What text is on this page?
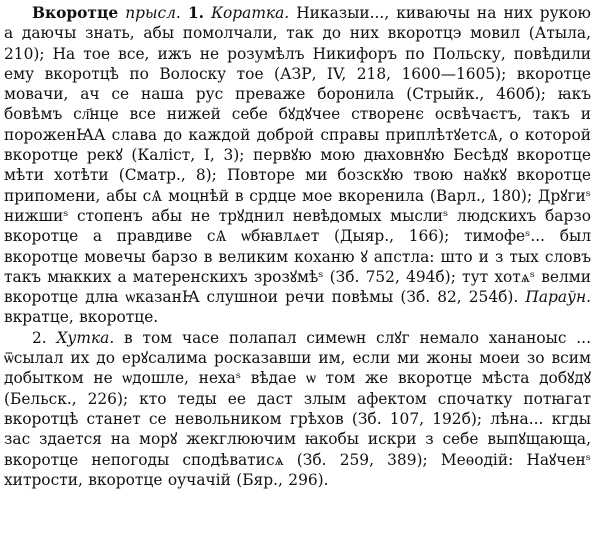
Вкоротце прысл. 1. Коратка. Никазыи..., киваючы на них рукою а даючы знать, абы помолчали, так до них вкоротцэ мовил (Атыла, 210); На тое все, ижъ не розумѣлъ Никифоръ по Польску, повѣдили ему вкоротцѣ по Волоску тое (АЗР, IV, 218, 1600—1605); вкоротце мовачи, ач се наша рус преваже боронила (Стрыйк., 460б); ꙗкъ бовѣмъ сл҃нце все нижей себе бꙋдꙋчее створенє освѣчаєтъ, такъ и пороженꙖА слава до каждой доброй справы приплѣтꙋетсѦ, о которой вкоротце рекꙋ (Каліст, І, 3); первꙋю мою дꙗховнꙋю Бесѣдꙋ вкоротце мѣти хотѣти (Сматр., 8); Повторе ми бозскꙋю твою наꙋкꙋ вкоротце припомени, абы сѦ моцнѣй в срдце мое вкоренила (Варл., 180); Дрꙋгиˢ нижшиˢ стопенъ абы не трꙋднил невѣдомых мыслиˢ людскихъ барзо вкоротце а правдиве сѦ ѡбꙗвлѧет (Дыяр., 166); тимофеˢ... был вкоротце мовечы барзо в великим коханю ꙋ апстла: што и з тых словъ такъ мꙗкких а матеренскихъ зрозꙋмѣˢ (Зб. 752, 494б); тут хотѧˢ велми вкоротце длꙗ ѡказанꙖ слушнои речи повѣмы (Зб. 82, 254б). Параўн. вкратце, вкоротце.

2. Хутка. в том часе полапал симеѡн слꙋг немало хананоыс ... ѿсылал их до ерꙋсалима росказавши им, если ми жоны моеи зо всим добытком не ѡдошле, нехаˢ вѣдае ѡ том же вкоротце мѣста добꙋдꙋ (Бельск., 226); кто теды ее даст злым афектом спочатку потꙗгат вкоротцѣ станет се невольником грѣхов (Зб. 107, 192б); лѣна... кгды зас здается на морꙋ жекглюючим ꙗкобы искри з себе выпꙋщающа, вкоротце непогоды сподѣватисѧ (Зб. 259, 389); Меѳодій: Наꙋченˢ хитрости, вкоротце оучачій (Бяр., 296).
